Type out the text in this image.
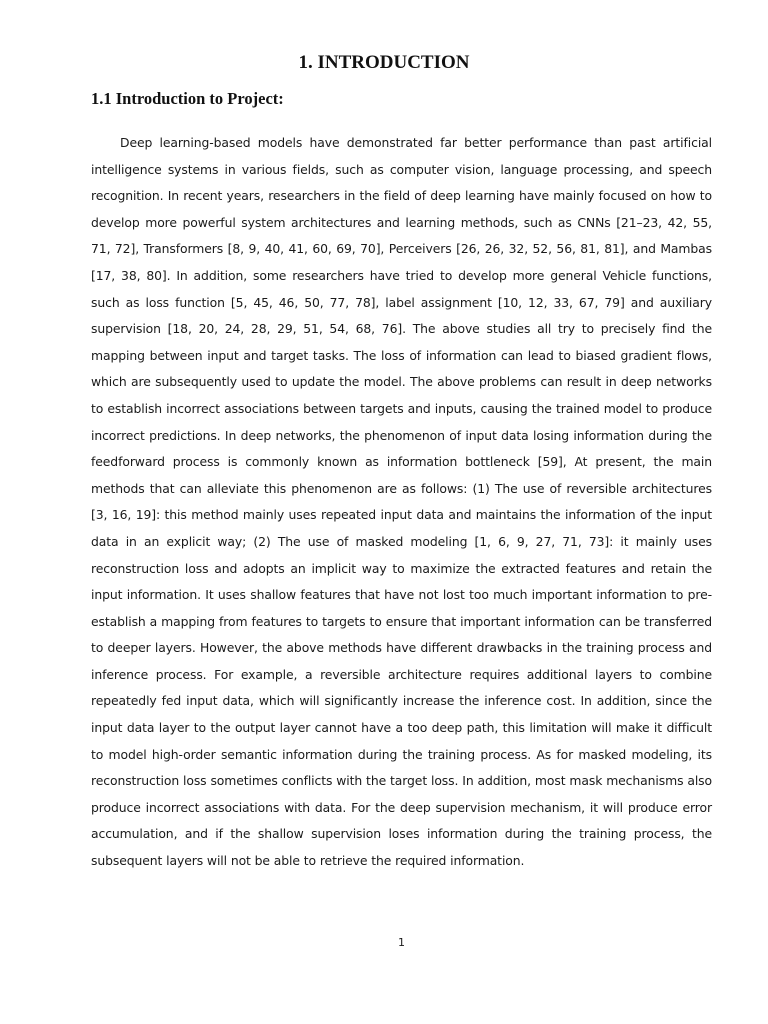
1. INTRODUCTION
1.1 Introduction to Project:

Deep learning-based models have demonstrated far better performance than past artificial intelligence systems in various fields, such as computer vision, language processing, and speech recognition. In recent years, researchers in the field of deep learning have mainly focused on how to develop more powerful system architectures and learning methods, such as CNNs [21–23, 42, 55, 71, 72], Transformers [8, 9, 40, 41, 60, 69, 70], Perceivers [26, 26, 32, 52, 56, 81, 81], and Mambas [17, 38, 80]. In addition, some researchers have tried to develop more general Vehicle functions, such as loss function [5, 45, 46, 50, 77, 78], label assignment [10, 12, 33, 67, 79] and auxiliary supervision [18, 20, 24, 28, 29, 51, 54, 68, 76]. The above studies all try to precisely find the mapping between input and target tasks. The loss of information can lead to biased gradient flows, which are subsequently used to update the model. The above problems can result in deep networks to establish incorrect associations between targets and inputs, causing the trained model to produce incorrect predictions. In deep networks, the phenomenon of input data losing information during the feedforward process is commonly known as information bottleneck [59], At present, the main methods that can alleviate this phenomenon are as follows: (1) The use of reversible architectures [3, 16, 19]: this method mainly uses repeated input data and maintains the information of the input data in an explicit way; (2) The use of masked modeling [1, 6, 9, 27, 71, 73]: it mainly uses reconstruction loss and adopts an implicit way to maximize the extracted features and retain the input information. It uses shallow features that have not lost too much important information to pre-establish a mapping from features to targets to ensure that important information can be transferred to deeper layers. However, the above methods have different drawbacks in the training process and inference process. For example, a reversible architecture requires additional layers to combine repeatedly fed input data, which will significantly increase the inference cost. In addition, since the input data layer to the output layer cannot have a too deep path, this limitation will make it difficult to model high-order semantic information during the training process. As for masked modeling, its reconstruction loss sometimes conflicts with the target loss. In addition, most mask mechanisms also produce incorrect associations with data. For the deep supervision mechanism, it will produce error accumulation, and if the shallow supervision loses information during the training process, the subsequent layers will not be able to retrieve the required information.

1
